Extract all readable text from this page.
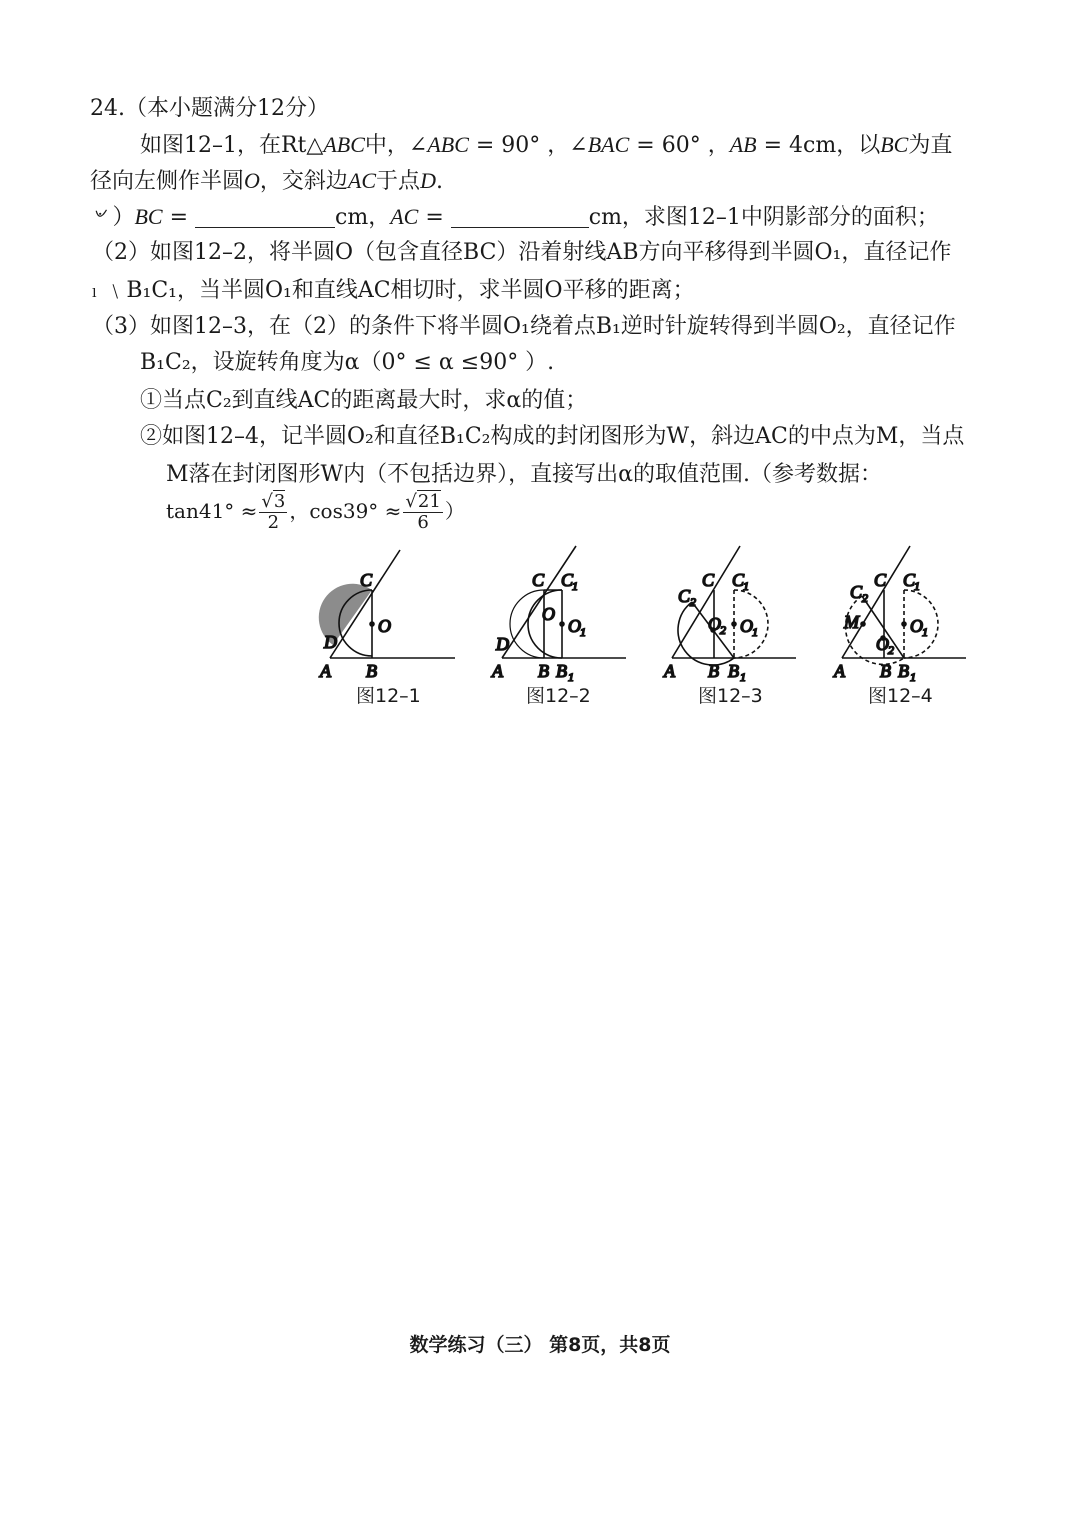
24.（本小题满分12分）
如图12–1，在Rt△ABC中，∠ABC = 90° ，∠BAC = 60° ，AB = 4cm，以BC为直
径向左侧作半圆O，交斜边AC于点D.
৺ ）BC =	cm，AC =	cm，求图12–1中阴影部分的面积；
（2）如图12–2，将半圆O（包含直径BC）沿着射线AB方向平移得到半圆O₁，直径记作
ₗ ﹨B₁C₁，当半圆O₁和直线AC相切时，求半圆O平移的距离；
（3）如图12–3，在（2）的条件下将半圆O₁绕着点B₁逆时针旋转得到半圆O₂，直径记作
B₁C₂，设旋转角度为α（0° ≤ α ≤90° ）.
①当点C₂到直线AC的距离最大时，求α的值；
②如图12–4，记半圆O₂和直径B₁C₂构成的封闭图形为W，斜边AC的中点为M，当点
M落在封闭图形W内（不包括边界），直接写出α的取值范围.（参考数据：
$\tan 41^\circ \approx \frac{√3}{2}$ ，$\cos 39^\circ \approx \frac{√21}{6}$ ）
C
O
D
A B
C C
1
O
O 1
D
A B B 1
C 2
C C
1
O 2 O 1
A B B 1
C 2
C C
1
M	O 1
O 2
A B B 1
图12–1	图12–2	图12–3	图12–4
数学练习（三） 第8页，共8页
